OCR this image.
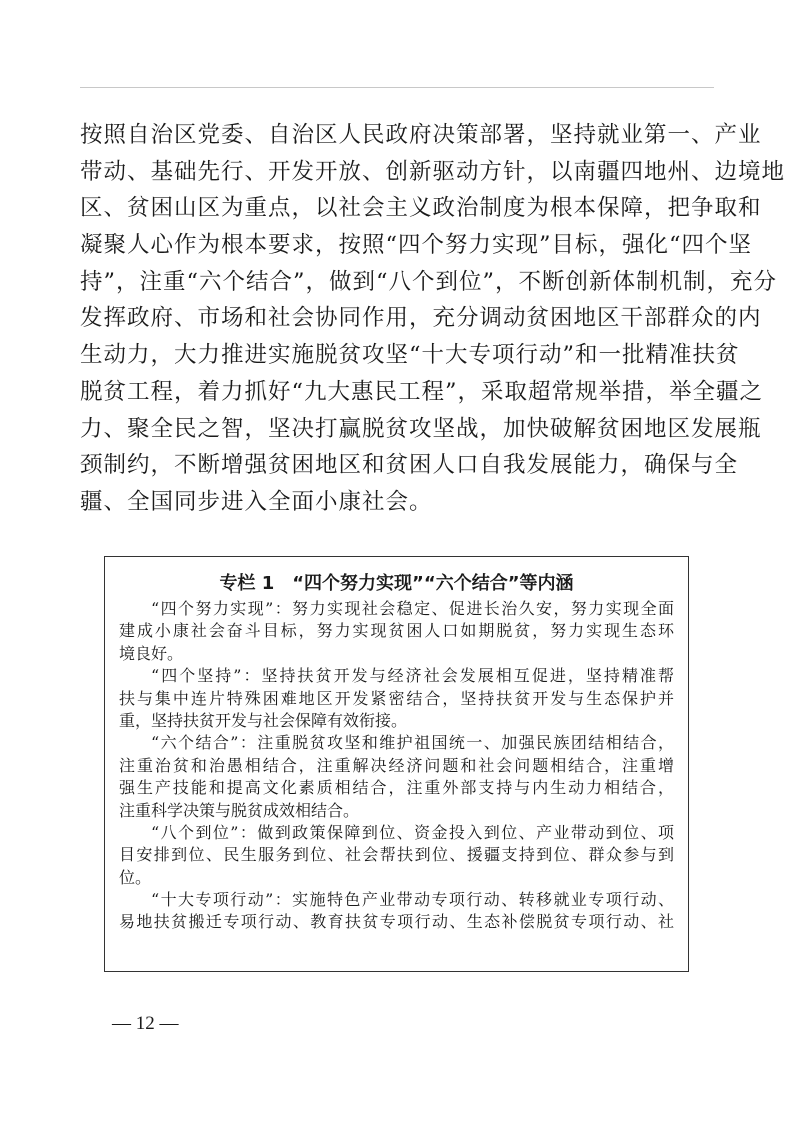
按照自治区党委、自治区人民政府决策部署，坚持就业第一、产业
带动、基础先行、开发开放、创新驱动方针，以南疆四地州、边境地
区、贫困山区为重点，以社会主义政治制度为根本保障，把争取和
凝聚人心作为根本要求，按照“四个努力实现”目标，强化“四个坚
持”，注重“六个结合”，做到“八个到位”，不断创新体制机制，充分
发挥政府、市场和社会协同作用，充分调动贫困地区干部群众的内
生动力，大力推进实施脱贫攻坚“十大专项行动”和一批精准扶贫
脱贫工程，着力抓好“九大惠民工程”，采取超常规举措，举全疆之
力、聚全民之智，坚决打赢脱贫攻坚战，加快破解贫困地区发展瓶
颈制约，不断增强贫困地区和贫困人口自我发展能力，确保与全
疆、全国同步进入全面小康社会。
专栏 1　“四个努力实现”“六个结合”等内涵
“四个努力实现”：努力实现社会稳定、促进长治久安，努力实现全面
建成小康社会奋斗目标，努力实现贫困人口如期脱贫，努力实现生态环
境良好。
“四个坚持”：坚持扶贫开发与经济社会发展相互促进，坚持精准帮
扶与集中连片特殊困难地区开发紧密结合，坚持扶贫开发与生态保护并
重，坚持扶贫开发与社会保障有效衔接。
“六个结合”：注重脱贫攻坚和维护祖国统一、加强民族团结相结合，
注重治贫和治愚相结合，注重解决经济问题和社会问题相结合，注重增
强生产技能和提高文化素质相结合，注重外部支持与内生动力相结合，
注重科学决策与脱贫成效相结合。
“八个到位”：做到政策保障到位、资金投入到位、产业带动到位、项
目安排到位、民生服务到位、社会帮扶到位、援疆支持到位、群众参与到
位。
“十大专项行动”：实施特色产业带动专项行动、转移就业专项行动、
易地扶贫搬迁专项行动、教育扶贫专项行动、生态补偿脱贫专项行动、社
— 12 —
